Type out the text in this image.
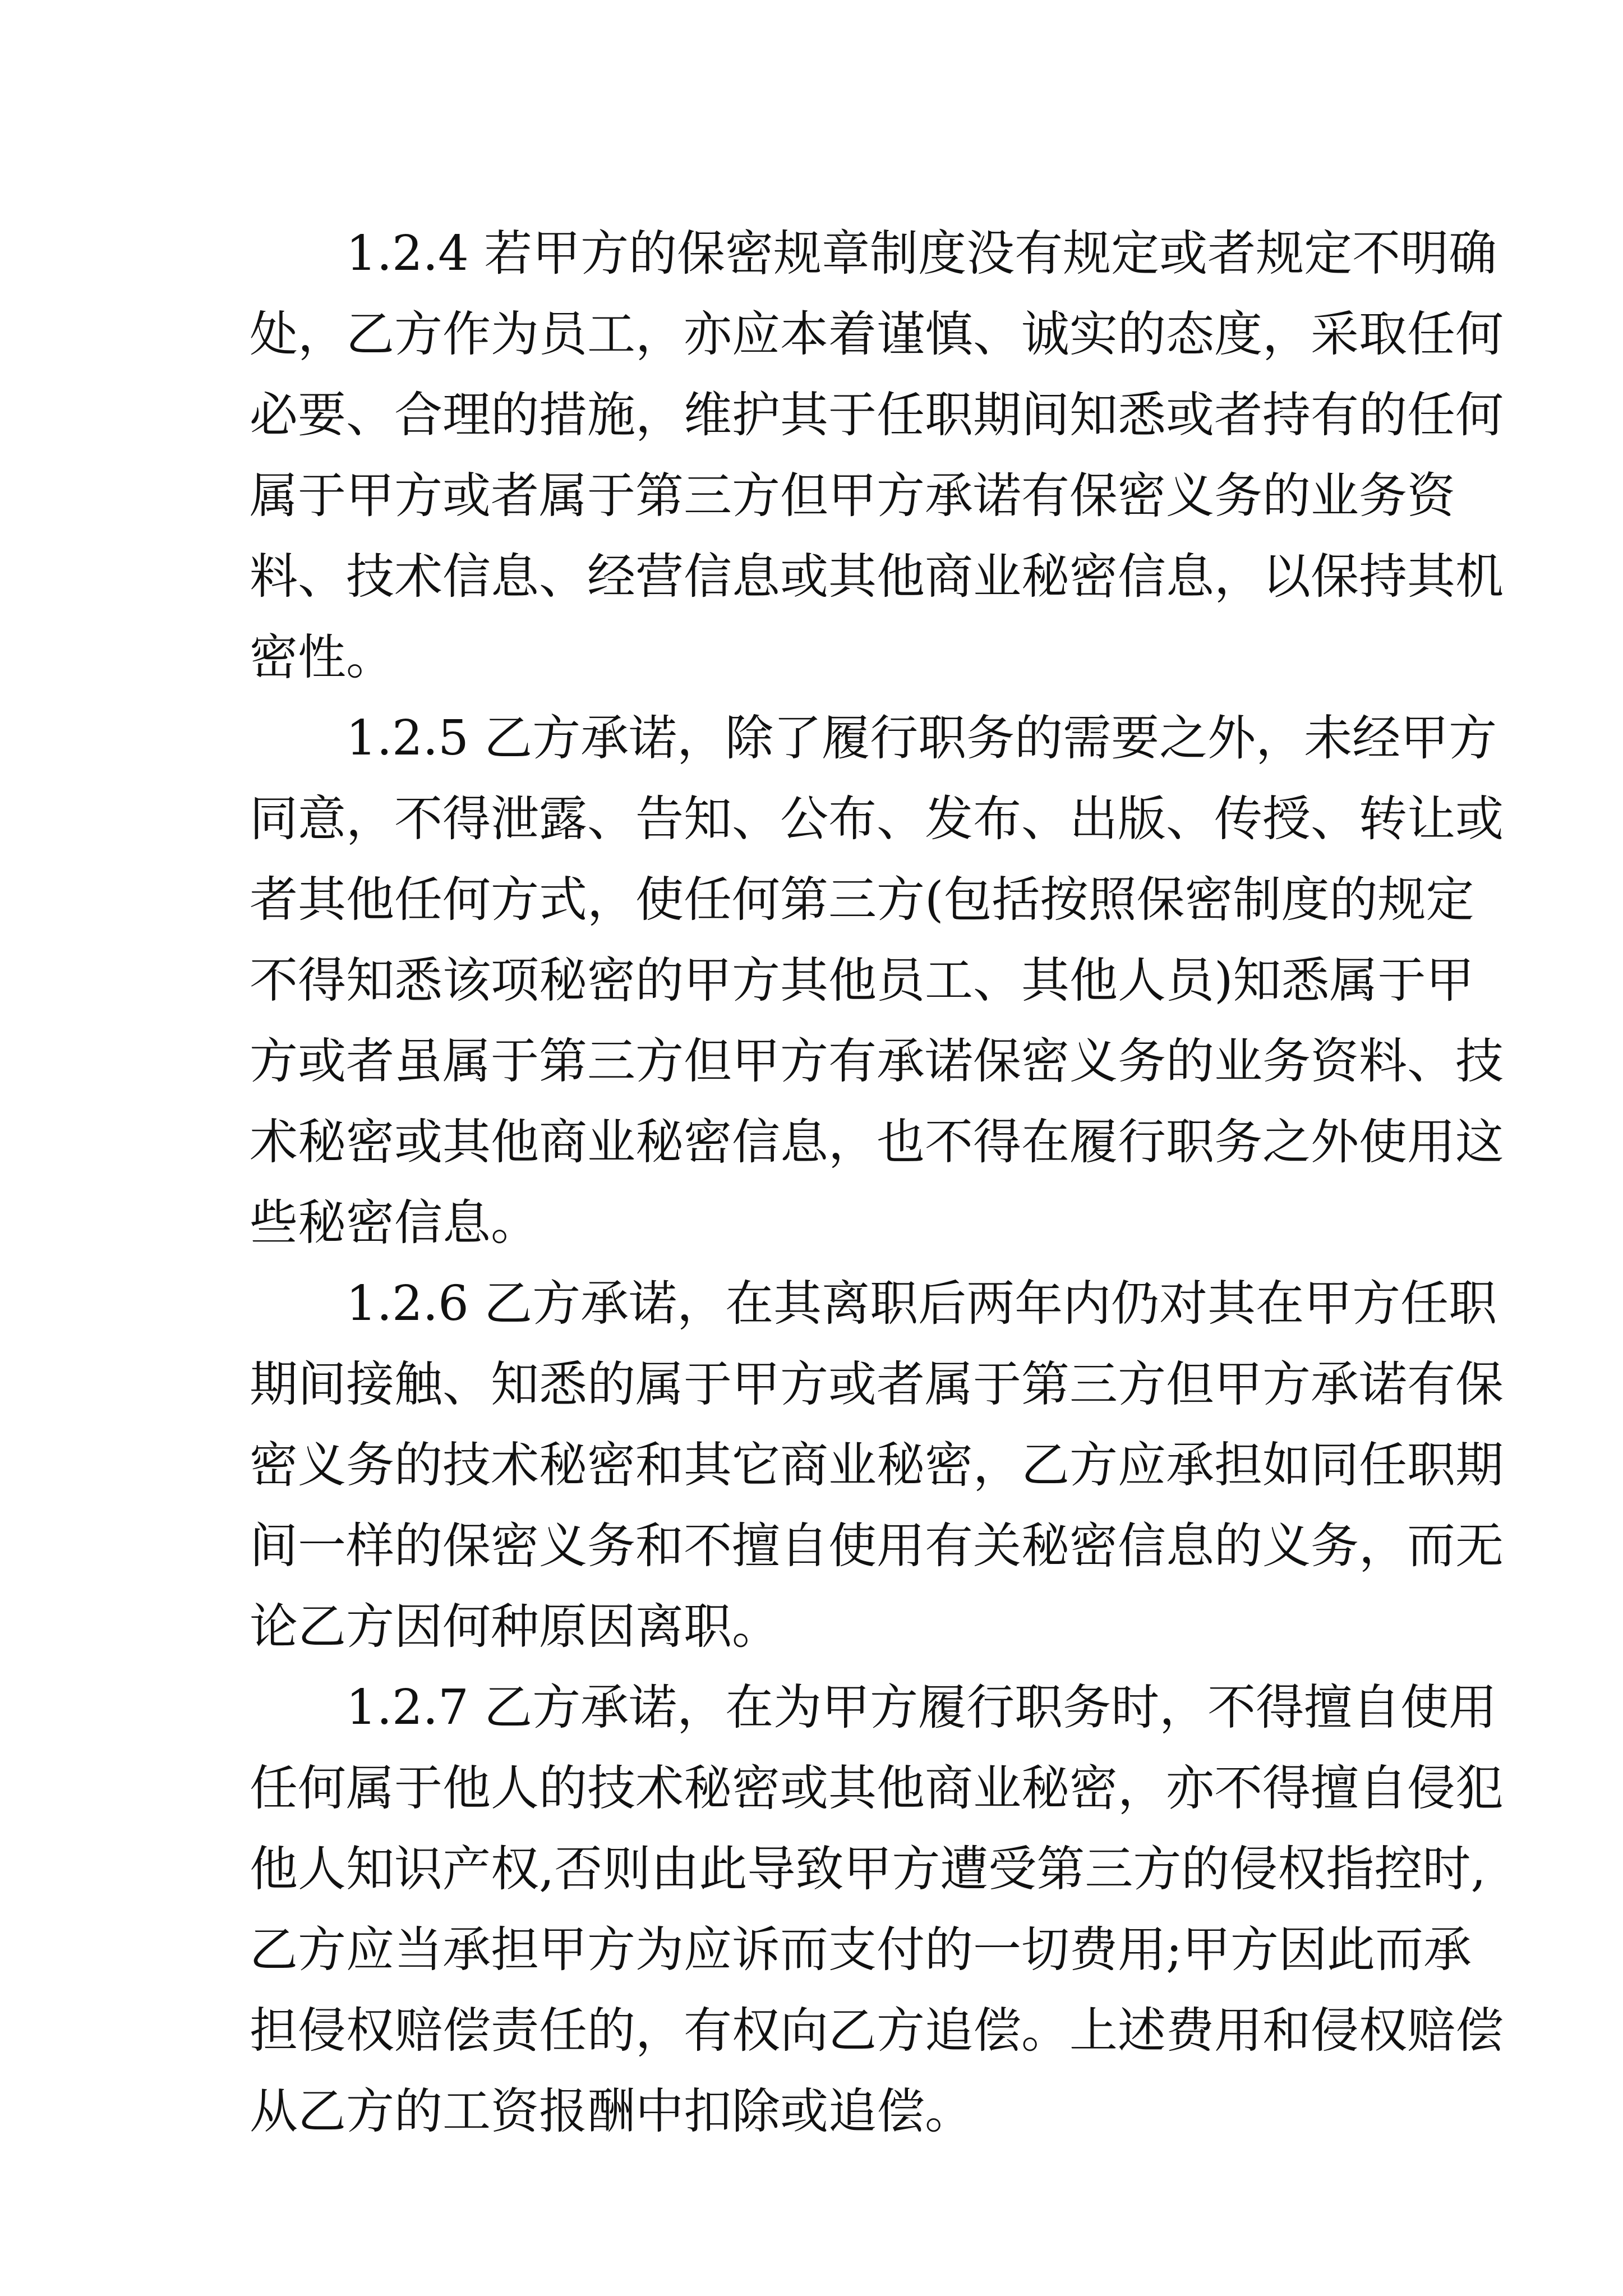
1.2.4 若甲方的保密规章制度没有规定或者规定不明确
处，乙方作为员工，亦应本着谨慎、诚实的态度，采取任何
必要、合理的措施，维护其于任职期间知悉或者持有的任何
属于甲方或者属于第三方但甲方承诺有保密义务的业务资
料、技术信息、经营信息或其他商业秘密信息，以保持其机
密性。
1.2.5 乙方承诺，除了履行职务的需要之外，未经甲方
同意，不得泄露、告知、公布、发布、出版、传授、转让或
者其他任何方式，使任何第三方(包括按照保密制度的规定
不得知悉该项秘密的甲方其他员工、其他人员)知悉属于甲
方或者虽属于第三方但甲方有承诺保密义务的业务资料、技
术秘密或其他商业秘密信息，也不得在履行职务之外使用这
些秘密信息。
1.2.6 乙方承诺，在其离职后两年内仍对其在甲方任职
期间接触、知悉的属于甲方或者属于第三方但甲方承诺有保
密义务的技术秘密和其它商业秘密，乙方应承担如同任职期
间一样的保密义务和不擅自使用有关秘密信息的义务，而无
论乙方因何种原因离职。
1.2.7 乙方承诺，在为甲方履行职务时，不得擅自使用
任何属于他人的技术秘密或其他商业秘密，亦不得擅自侵犯
他人知识产权,否则由此导致甲方遭受第三方的侵权指控时,
乙方应当承担甲方为应诉而支付的一切费用;甲方因此而承
担侵权赔偿责任的，有权向乙方追偿。上述费用和侵权赔偿
从乙方的工资报酬中扣除或追偿。
